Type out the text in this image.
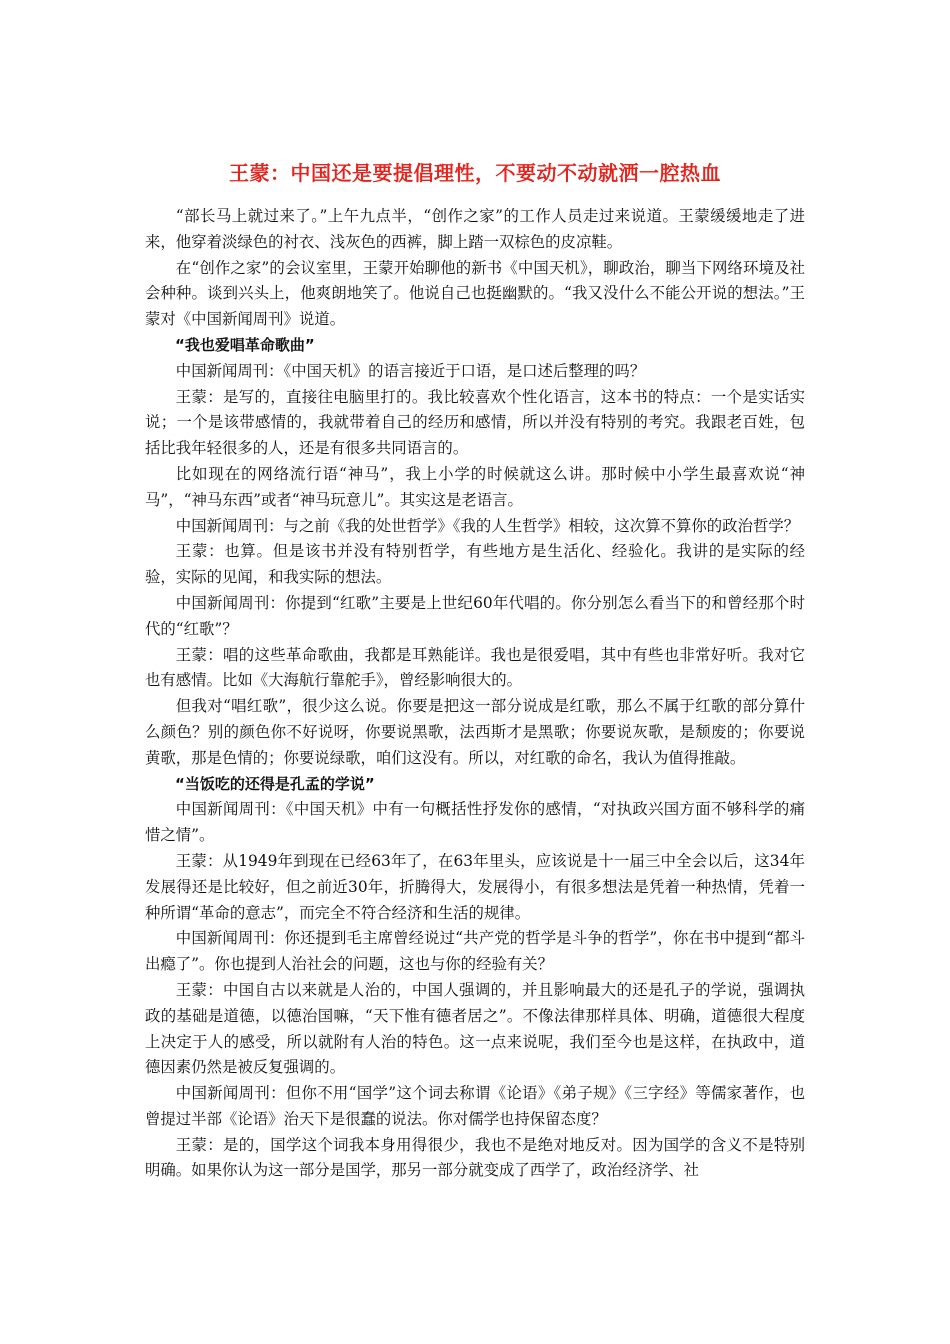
王蒙：中国还是要提倡理性，不要动不动就洒一腔热血

“部长马上就过来了。”上午九点半，“创作之家”的工作人员走过来说道。王蒙缓缓地走了进来，他穿着淡绿色的衬衣、浅灰色的西裤，脚上踏一双棕色的皮凉鞋。

在“创作之家”的会议室里，王蒙开始聊他的新书《中国天机》，聊政治，聊当下网络环境及社会种种。谈到兴头上，他爽朗地笑了。他说自己也挺幽默的。“我又没什么不能公开说的想法。”王蒙对《中国新闻周刊》说道。

“我也爱唱革命歌曲”

中国新闻周刊：《中国天机》的语言接近于口语，是口述后整理的吗？

王蒙：是写的，直接往电脑里打的。我比较喜欢个性化语言，这本书的特点：一个是实话实说；一个是该带感情的，我就带着自己的经历和感情，所以并没有特别的考究。我跟老百姓，包括比我年轻很多的人，还是有很多共同语言的。

比如现在的网络流行语“神马”，我上小学的时候就这么讲。那时候中小学生最喜欢说“神马”，“神马东西”或者“神马玩意儿”。其实这是老语言。

中国新闻周刊：与之前《我的处世哲学》《我的人生哲学》相较，这次算不算你的政治哲学？

王蒙：也算。但是该书并没有特别哲学，有些地方是生活化、经验化。我讲的是实际的经验，实际的见闻，和我实际的想法。

中国新闻周刊：你提到“红歌”主要是上世纪60年代唱的。你分别怎么看当下的和曾经那个时代的“红歌”？

王蒙：唱的这些革命歌曲，我都是耳熟能详。我也是很爱唱，其中有些也非常好听。我对它也有感情。比如《大海航行靠舵手》，曾经影响很大的。

但我对“唱红歌”，很少这么说。你要是把这一部分说成是红歌，那么不属于红歌的部分算什么颜色？别的颜色你不好说呀，你要说黑歌，法西斯才是黑歌；你要说灰歌，是颓废的；你要说黄歌，那是色情的；你要说绿歌，咱们这没有。所以，对红歌的命名，我认为值得推敲。

“当饭吃的还得是孔孟的学说”

中国新闻周刊：《中国天机》中有一句概括性抒发你的感情，“对执政兴国方面不够科学的痛惜之情”。

王蒙：从1949年到现在已经63年了，在63年里头，应该说是十一届三中全会以后，这34年发展得还是比较好，但之前近30年，折腾得大，发展得小，有很多想法是凭着一种热情，凭着一种所谓“革命的意志”，而完全不符合经济和生活的规律。

中国新闻周刊：你还提到毛主席曾经说过“共产党的哲学是斗争的哲学”，你在书中提到“都斗出瘾了”。你也提到人治社会的问题，这也与你的经验有关？

王蒙：中国自古以来就是人治的，中国人强调的，并且影响最大的还是孔子的学说，强调执政的基础是道德，以德治国嘛，“天下惟有德者居之”。不像法律那样具体、明确，道德很大程度上决定于人的感受，所以就附有人治的特色。这一点来说呢，我们至今也是这样，在执政中，道德因素仍然是被反复强调的。

中国新闻周刊：但你不用“国学”这个词去称谓《论语》《弟子规》《三字经》等儒家著作，也曾提过半部《论语》治天下是很蠢的说法。你对儒学也持保留态度？

王蒙：是的，国学这个词我本身用得很少，我也不是绝对地反对。因为国学的含义不是特别明确。如果你认为这一部分是国学，那另一部分就变成了西学了，政治经济学、社
